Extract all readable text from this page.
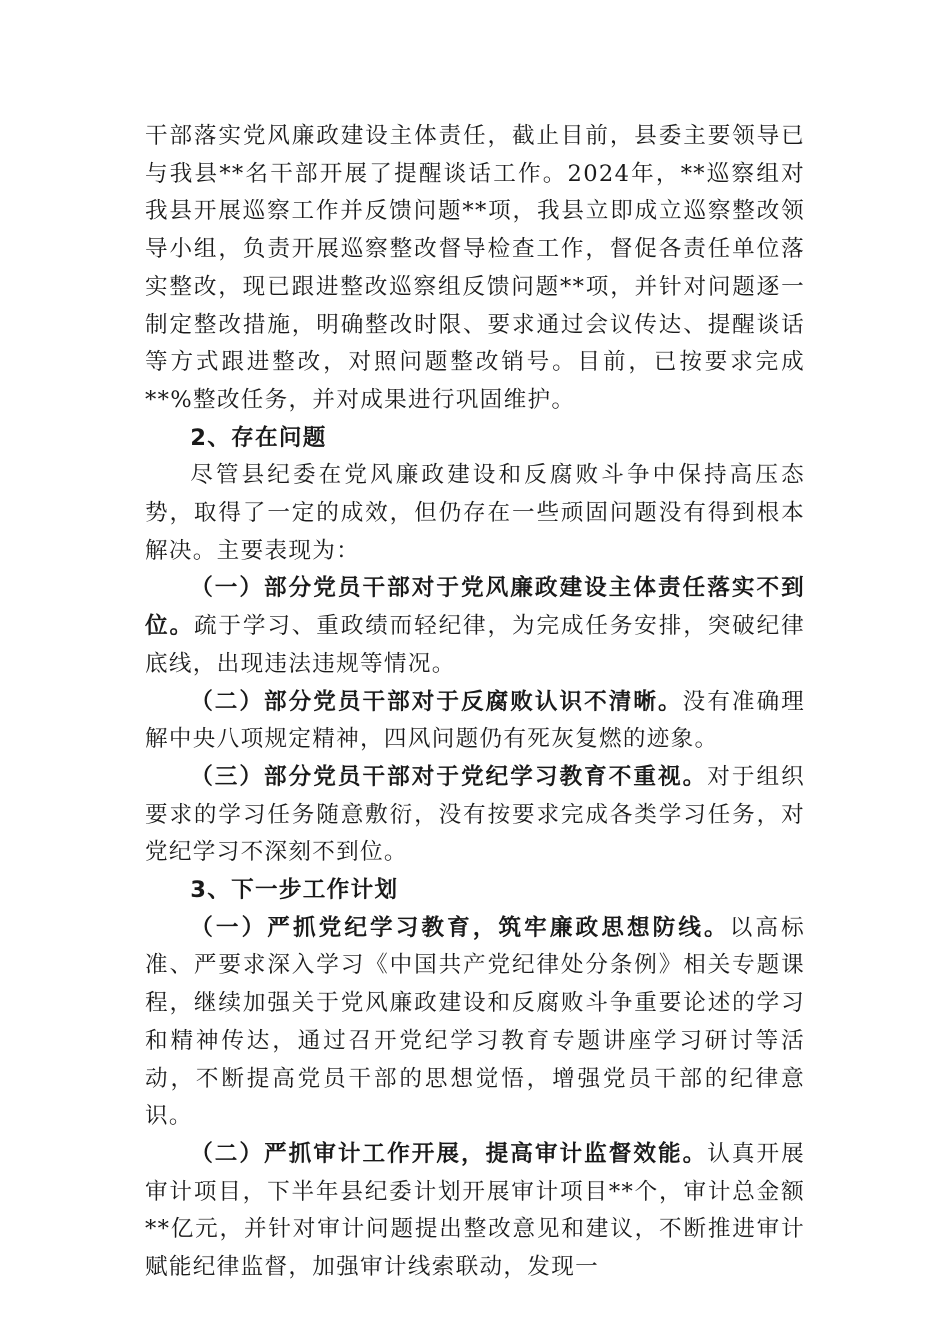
干部落实党风廉政建设主体责任，截止目前，县委主要领导已与我县**名干部开展了提醒谈话工作。2024年，**巡察组对我县开展巡察工作并反馈问题**项，我县立即成立巡察整改领导小组，负责开展巡察整改督导检查工作，督促各责任单位落实整改，现已跟进整改巡察组反馈问题**项，并针对问题逐一制定整改措施，明确整改时限、要求通过会议传达、提醒谈话等方式跟进整改，对照问题整改销号。目前，已按要求完成**%整改任务，并对成果进行巩固维护。

2、存在问题

尽管县纪委在党风廉政建设和反腐败斗争中保持高压态势，取得了一定的成效，但仍存在一些顽固问题没有得到根本解决。主要表现为：

（一）部分党员干部对于党风廉政建设主体责任落实不到位。疏于学习、重政绩而轻纪律，为完成任务安排，突破纪律底线，出现违法违规等情况。

（二）部分党员干部对于反腐败认识不清晰。没有准确理解中央八项规定精神，四风问题仍有死灰复燃的迹象。

（三）部分党员干部对于党纪学习教育不重视。对于组织要求的学习任务随意敷衍，没有按要求完成各类学习任务，对党纪学习不深刻不到位。

3、下一步工作计划

（一）严抓党纪学习教育，筑牢廉政思想防线。以高标准、严要求深入学习《中国共产党纪律处分条例》相关专题课程，继续加强关于党风廉政建设和反腐败斗争重要论述的学习和精神传达，通过召开党纪学习教育专题讲座学习研讨等活动，不断提高党员干部的思想觉悟，增强党员干部的纪律意识。

（二）严抓审计工作开展，提高审计监督效能。认真开展审计项目，下半年县纪委计划开展审计项目**个，审计总金额**亿元，并针对审计问题提出整改意见和建议，不断推进审计赋能纪律监督，加强审计线索联动，发现一
